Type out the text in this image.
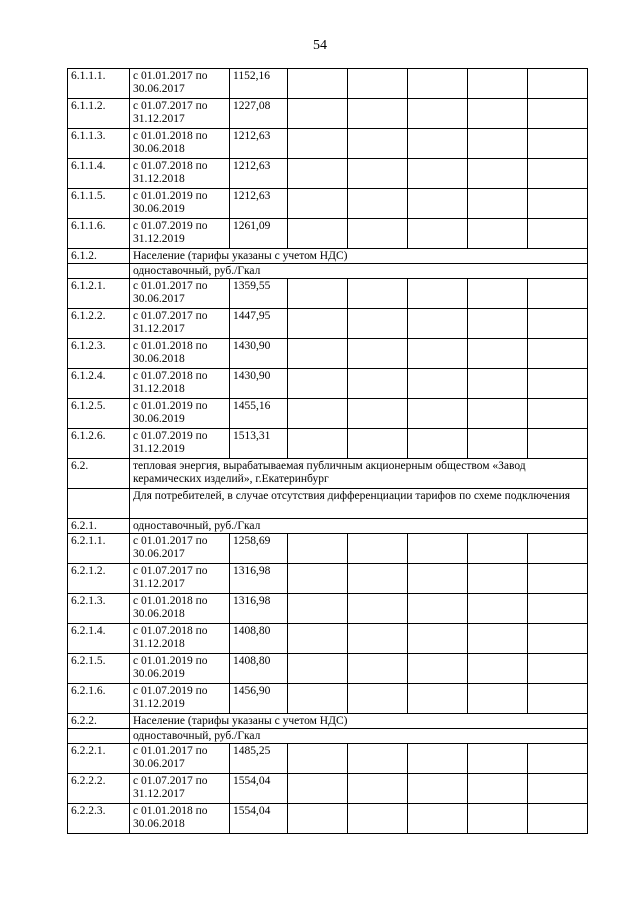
54
6.1.1.1.	с 01.01.2017 по
30.06.2017	1152,16					
6.1.1.2.	с 01.07.2017 по
31.12.2017	1227,08					
6.1.1.3.	с 01.01.2018 по
30.06.2018	1212,63					
6.1.1.4.	с 01.07.2018 по
31.12.2018	1212,63					
6.1.1.5.	с 01.01.2019 по
30.06.2019	1212,63					
6.1.1.6.	с 01.07.2019 по
31.12.2019	1261,09					
6.1.2.	Население (тарифы указаны с учетом НДС)						
	одноставочный, руб./Гкал						
6.1.2.1.	с 01.01.2017 по
30.06.2017	1359,55					
6.1.2.2.	с 01.07.2017 по
31.12.2017	1447,95					
6.1.2.3.	с 01.01.2018 по
30.06.2018	1430,90					
6.1.2.4.	с 01.07.2018 по
31.12.2018	1430,90					
6.1.2.5.	с 01.01.2019 по
30.06.2019	1455,16					
6.1.2.6.	с 01.07.2019 по
31.12.2019	1513,31					
6.2.	тепловая энергия, вырабатываемая публичным акционерным обществом «Завод керамических изделий», г.Екатеринбург						
	Для потребителей, в случае отсутствия дифференциации тарифов по схеме подключения						
6.2.1.	одноставочный, руб./Гкал						
6.2.1.1.	с 01.01.2017 по
30.06.2017	1258,69					
6.2.1.2.	с 01.07.2017 по
31.12.2017	1316,98					
6.2.1.3.	с 01.01.2018 по
30.06.2018	1316,98					
6.2.1.4.	с 01.07.2018 по
31.12.2018	1408,80					
6.2.1.5.	с 01.01.2019 по
30.06.2019	1408,80					
6.2.1.6.	с 01.07.2019 по
31.12.2019	1456,90					
6.2.2.	Население (тарифы указаны с учетом НДС)						
	одноставочный, руб./Гкал						
6.2.2.1.	с 01.01.2017 по
30.06.2017	1485,25					
6.2.2.2.	с 01.07.2017 по
31.12.2017	1554,04					
6.2.2.3.	с 01.01.2018 по
30.06.2018	1554,04					
